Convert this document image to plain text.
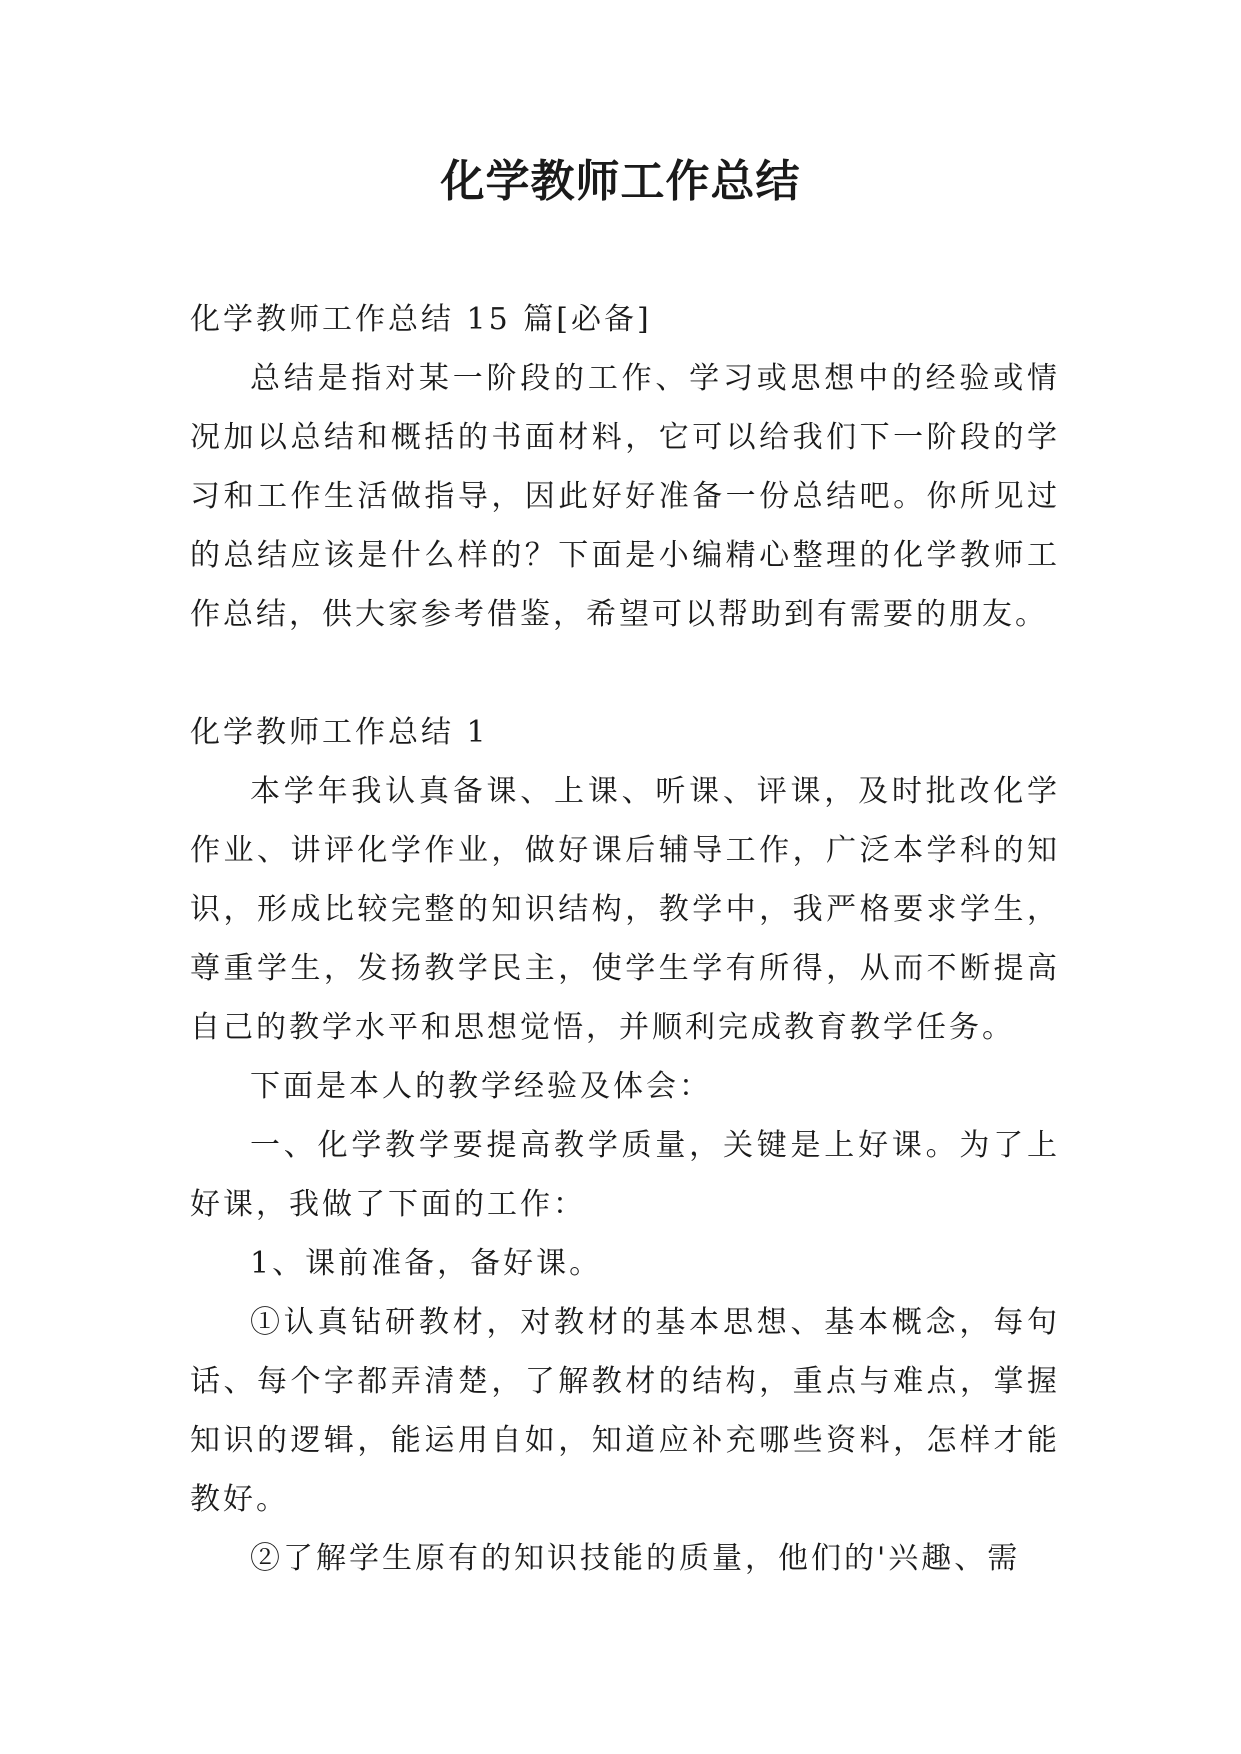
化学教师工作总结

化学教师工作总结 15 篇[必备]

总结是指对某一阶段的工作、学习或思想中的经验或情况加以总结和概括的书面材料，它可以给我们下一阶段的学习和工作生活做指导，因此好好准备一份总结吧。你所见过的总结应该是什么样的？下面是小编精心整理的化学教师工作总结，供大家参考借鉴，希望可以帮助到有需要的朋友。

化学教师工作总结 1

本学年我认真备课、上课、听课、评课，及时批改化学作业、讲评化学作业，做好课后辅导工作，广泛本学科的知识，形成比较完整的知识结构，教学中，我严格要求学生，尊重学生，发扬教学民主，使学生学有所得，从而不断提高自己的教学水平和思想觉悟，并顺利完成教育教学任务。

下面是本人的教学经验及体会：

一、化学教学要提高教学质量，关键是上好课。为了上好课，我做了下面的工作：

1、课前准备，备好课。

①认真钻研教材，对教材的基本思想、基本概念，每句话、每个字都弄清楚，了解教材的结构，重点与难点，掌握知识的逻辑，能运用自如，知道应补充哪些资料，怎样才能教好。

②了解学生原有的知识技能的质量，他们的'兴趣、需
